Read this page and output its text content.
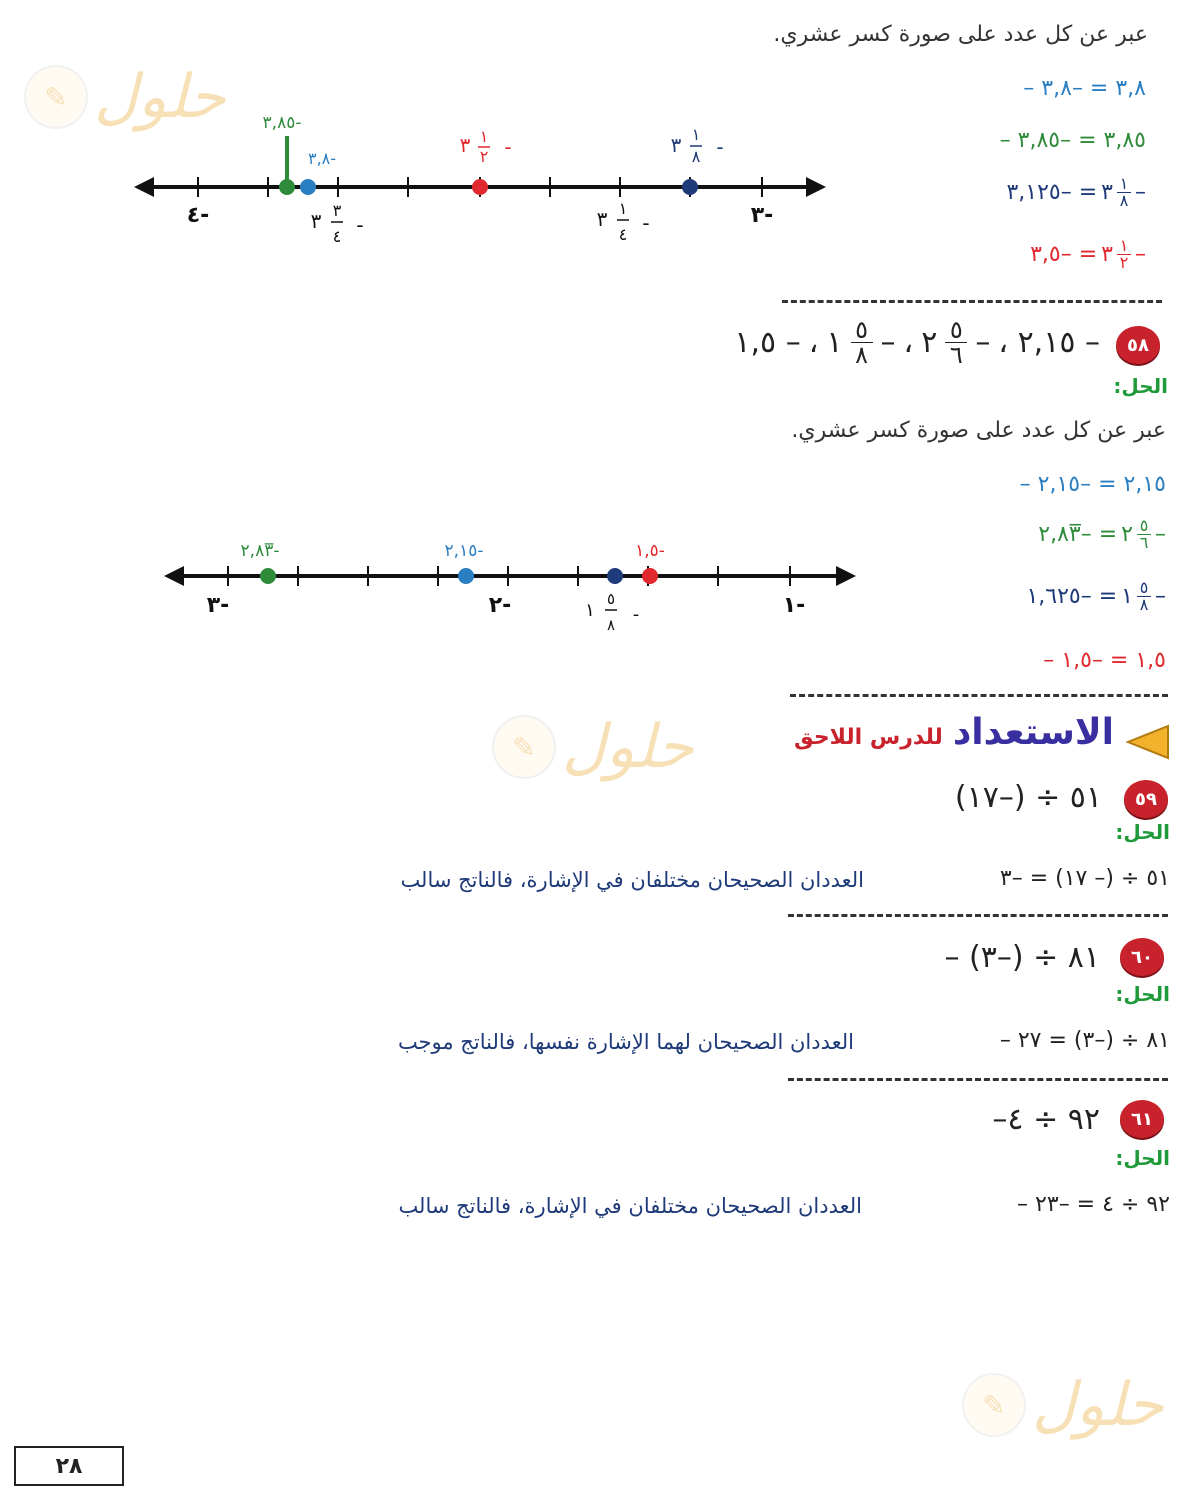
✎ حلول
✎ حلول
✎ حلول
عبر عن كل عدد على صورة كسر عشري.
– ٣,٨ = –٣,٨
– ٣,٨٥ = –٣,٨٥
–
$\frac{١}{٨}$
٣
= –٣,١٢٥
–
$\frac{١}{٢}$
٣
= –٣,٥
-٤	-٣
-٣,٨٥
-٣,٨
٣ ١
٢ -	٣ ١
٨ -
٣ ٣
٤ -	٣ ١
٤ -
٥٨
– ٢,١٥ ،
–
$\frac{٥}{٦}$
٢
،
–
$\frac{٥}{٨}$
١
،
– ١,٥
الحل:
عبر عن كل عدد على صورة كسر عشري.
– ٢,١٥ = –٢,١٥
–
$\frac{٥}{٦}$
٢
= –٢,٨٣̅
–
$\frac{٥}{٨}$
١
= –١,٦٢٥
– ١,٥ = –١,٥
-٢,٨٣̅	-٢,١٥	-١,٥
-٣	-٢	-١
١
٥
٨ -
الاستعداد
للدرس اللاحق
٥٩
٥١ ÷ (–١٧)
الحل:
٥١ ÷ (– ١٧) = –٣
العددان الصحيحان مختلفان في الإشارة، فالناتج سالب
٦٠
– ٨١ ÷ (–٣)
الحل:
– ٨١ ÷ (–٣) = ٢٧
العددان الصحيحان لهما الإشارة نفسها، فالناتج موجب
٦١
–٩٢ ÷ ٤
الحل:
– ٩٢ ÷ ٤ = –٢٣
العددان الصحيحان مختلفان في الإشارة، فالناتج سالب
٢٨
